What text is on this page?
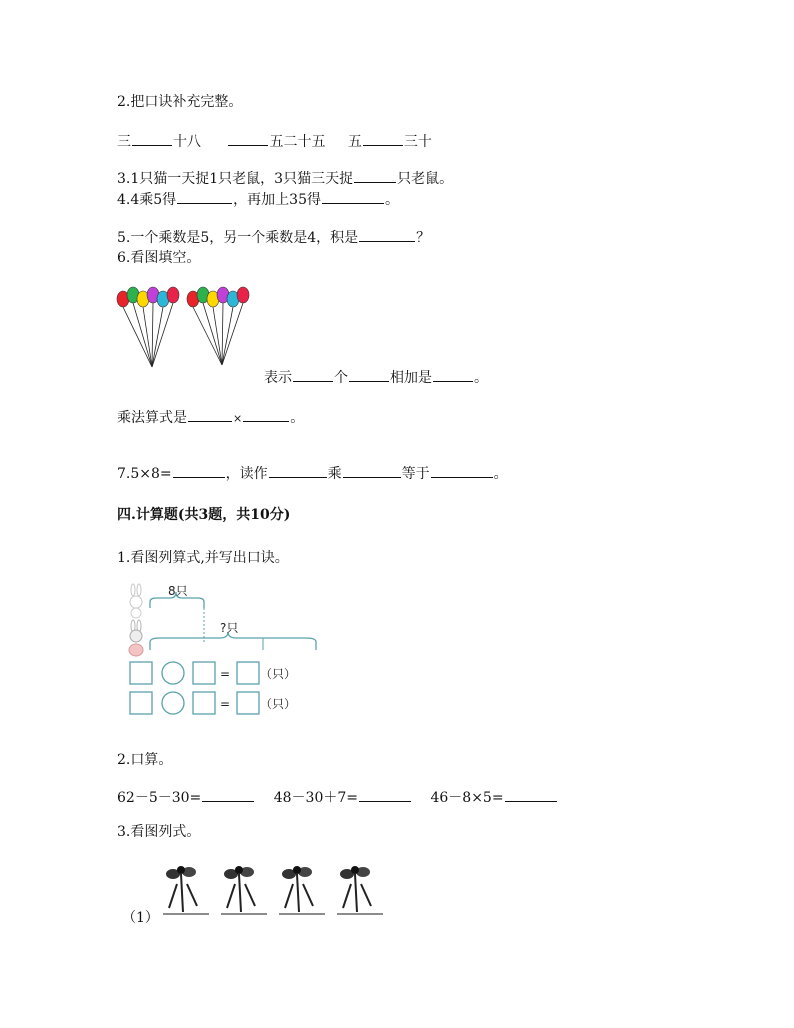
2.把口诀补充完整。
三	十八	五二十五 五	三十
3.1只猫一天捉1只老鼠，3只猫三天捉	只老鼠。
4.4乘5得	，再加上35得	。
5.一个乘数是5，另一个乘数是4，积是	？
6.看图填空。
表示	个	相加是	。
乘法算式是	×	。
7.5×8=	，读作	乘	等于	。
四.计算题(共3题，共10分)
1.看图列算式,并写出口诀。
8只
?只
= （只）
= （只）
2.口算。
62－5－30=	48－30＋7=	46－8×5=
3.看图列式。
（1）
